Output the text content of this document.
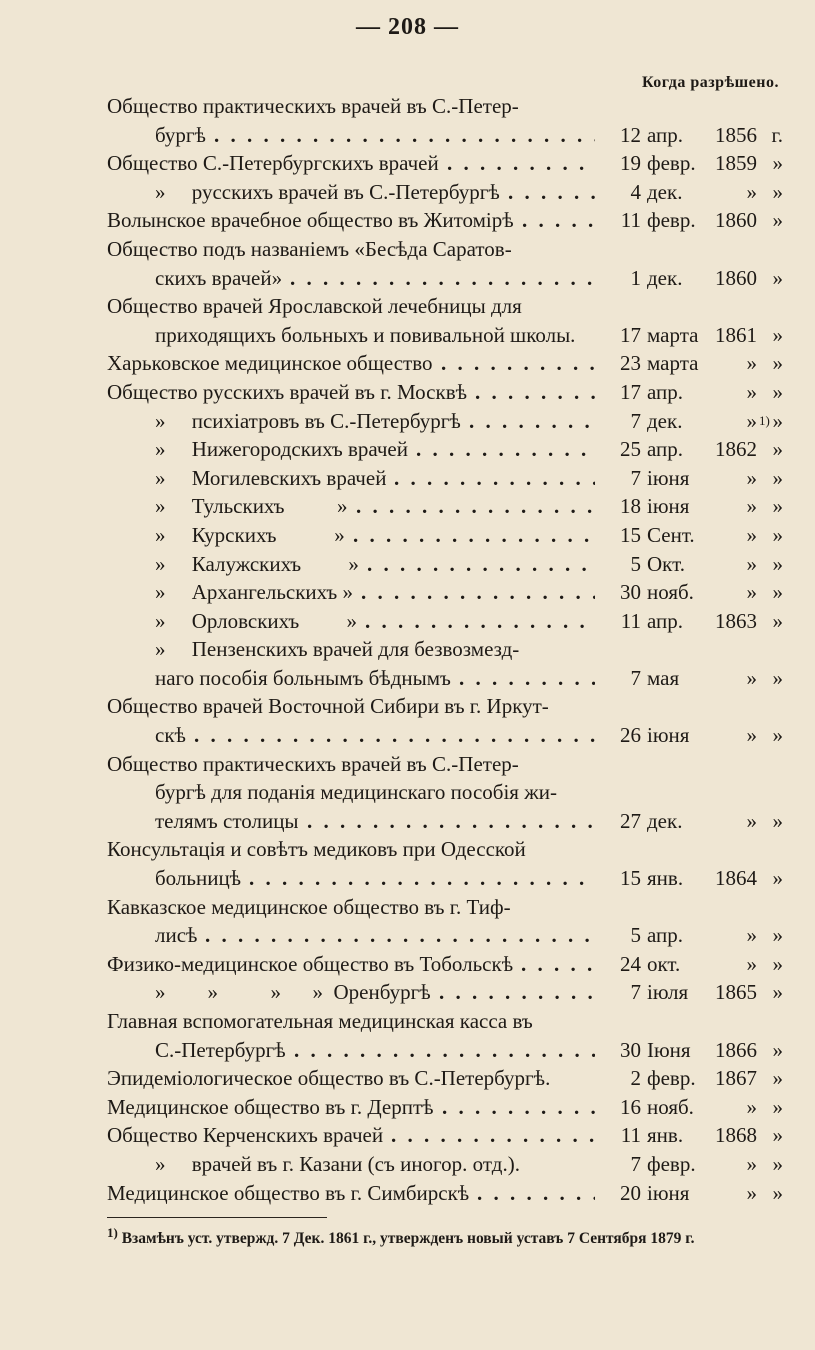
— 208 —
Когда разрѣшено.
Общество практическихъ врачей въ С.-Петер-
бургѣ . . .	12 апр.	1856 г.
Общество С.-Петербургскихъ врачей . . .	19 февр. 1859 »
»     русскихъ врачей въ С.-Петербургѣ . . .	4 дек.	» »
Волынское врачебное общество въ Житомірѣ . . .	11 февр. 1860 »
Общество подъ названіемъ «Бесѣда Саратов-
скихъ врачей» . . .	1 дек.	1860 »
Общество врачей Ярославской лечебницы для
приходящихъ больныхъ и повивальной школы.	17 марта 1861 »
Харьковское медицинское общество . . .	23 марта	» »
Общество русскихъ врачей въ г. Москвѣ . . .	17 апр.	» »
»     психіатровъ въ С.-Петербургѣ . . .	7 дек.	» »
1)
»     Нижегородскихъ врачей . . .	25 апр.	1862 »
»     Могилевскихъ врачей . . .	7 іюня	» »
»     Тульскихъ          » . . .	18 іюня	» »
»     Курскихъ           » . . .	15 Сент.	» »
»     Калужскихъ         » . . .	5 Окт.	» »
»     Архангельскихъ » . . .	30 нояб.	» »
»     Орловскихъ         » . . .	11 апр.	1863 »
»     Пензенскихъ врачей для безвозмезд-
наго пособія больнымъ бѣднымъ . . .	7 мая	» »
Общество врачей Восточной Сибири въ г. Иркут-
скѣ . . .	26 іюня	» »
Общество практическихъ врачей въ С.-Петер-
бургѣ для поданія медицинскаго пособія жи-
телямъ столицы . . .	27 дек.	» »
Консультація и совѣтъ медиковъ при Одесской
больницѣ . . .	15 янв.	1864 »
Кавказское медицинское общество въ г. Тиф-
лисѣ . . .	5 апр.	» »
Физико-медицинское общество въ Тобольскѣ . . .	24 окт.	» »
»        »          »      »  Оренбургѣ . . .	7 іюля	1865 »
Главная вспомогательная медицинская касса въ
С.-Петербургѣ . . .	30 Іюня	1866 »
Эпидеміологическое общество въ С.-Петербургѣ.	2 февр. 1867 »
Медицинское общество въ г. Дерптѣ . . .	16 нояб.	» »
Общество Керченскихъ врачей . . .	11 янв.	1868 »
»     врачей въ г. Казани (съ иногор. отд.).	7 февр.	» »
Медицинское общество въ г. Симбирскѣ . . .	20 іюня	» »
$^{1)}$ Взамѣнъ уст. утвержд. 7 Дек. 1861 г., утвержденъ новый уставъ 7 Сентября 1879 г.
